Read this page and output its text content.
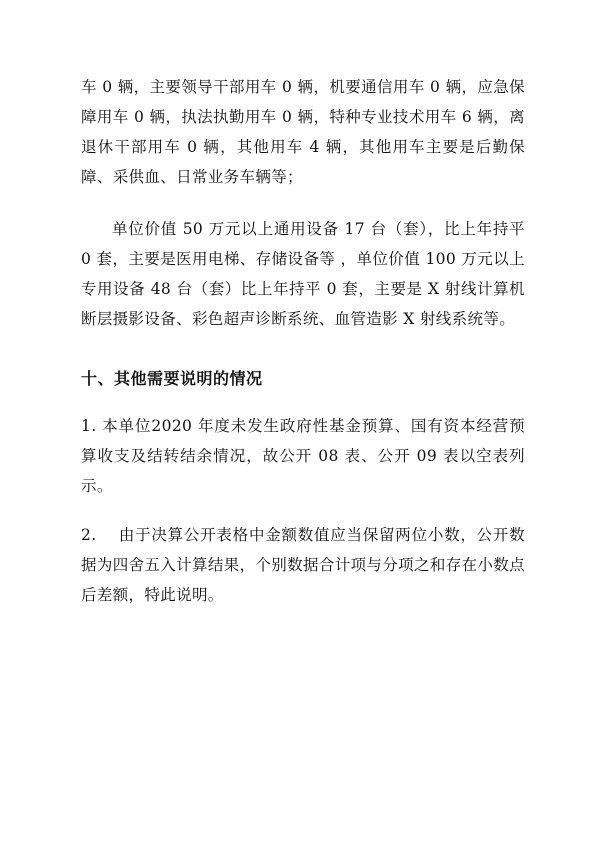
车 0 辆，主要领导干部用车 0 辆，机要通信用车 0 辆，应急保障用车 0 辆，执法执勤用车 0 辆，特种专业技术用车 6 辆，离退休干部用车 0 辆，其他用车 4 辆，其他用车主要是后勤保障、采供血、日常业务车辆等；

单位价值 50 万元以上通用设备 17 台（套），比上年持平 0 套，主要是医用电梯、存储设备等 ，单位价值 100 万元以上专用设备 48 台（套）比上年持平 0 套，主要是 X 射线计算机断层摄影设备、彩色超声诊断系统、血管造影 X 射线系统等。

十、其他需要说明的情况

1. 本单位2020 年度未发生政府性基金预算、国有资本经营预算收支及结转结余情况，故公开 08 表、公开 09 表以空表列示。

2.　 由于决算公开表格中金额数值应当保留两位小数，公开数据为四舍五入计算结果，个别数据合计项与分项之和存在小数点后差额，特此说明。
